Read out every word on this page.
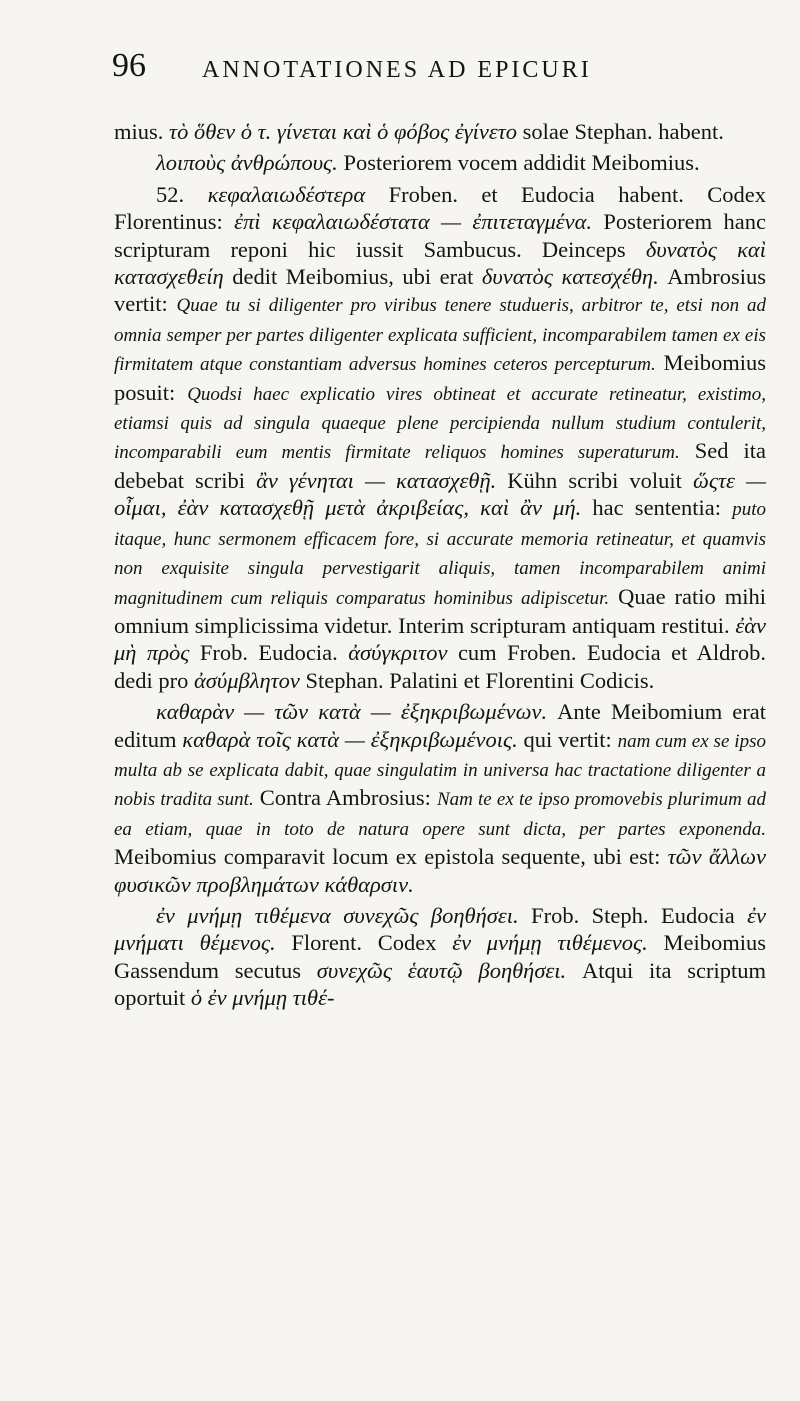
96 ANNOTATIONES AD EPICURI

mius. τὸ ὅθεν ὁ τ. γίνεται καὶ ὁ φόβος ἐγίνετο solae Stephan. habent.

λοιποὺς ἀνθρώπους. Posteriorem vocem addidit Meibomius.

52. κεφαλαιωδέστερα Froben. et Eudocia habent. Codex Florentinus: ἐπὶ κεφαλαιωδέστατα — ἐπιτεταγμένα. Posteriorem hanc scripturam reponi hic iussit Sambucus. Deinceps δυνατὸς καὶ κατασχεθείη dedit Meibomius, ubi erat δυνατὸς κατεσχέθη. Ambrosius vertit: Quae tu si diligenter pro viribus tenere studueris, arbitror te, etsi non ad omnia semper per partes diligenter explicata sufficient, incomparabilem tamen ex eis firmitatem atque constantiam adversus homines ceteros percepturum. Meibomius posuit: Quodsi haec explicatio vires obtineat et accurate retineatur, existimo, etiamsi quis ad singula quaeque plene percipienda nullum studium contulerit, incomparabili eum mentis firmitate reliquos homines superaturum. Sed ita debebat scribi ἂν γένηται — κατασχεθῇ. Kühn scribi voluit ὥςτε — οἶμαι, ἐὰν κατασχεθῇ μετὰ ἀκριβείας, καὶ ἂν μή. hac sententia: puto itaque, hunc sermonem efficacem fore, si accurate memoria retineatur, et quamvis non exquisite singula pervestigarit aliquis, tamen incomparabilem animi magnitudinem cum reliquis comparatus hominibus adipiscetur. Quae ratio mihi omnium simplicissima videtur. Interim scripturam antiquam restitui. ἐὰν μὴ πρὸς Frob. Eudocia. ἀσύγκριτον cum Froben. Eudocia et Aldrob. dedi pro ἀσύμβλητον Stephan. Palatini et Florentini Codicis.

καθαρὰν — τῶν κατὰ — ἐξηκριβωμένων. Ante Meibomium erat editum καθαρὰ τοῖς κατὰ — ἐξηκριβωμένοις. qui vertit: nam cum ex se ipso multa ab se explicata dabit, quae singulatim in universa hac tractatione diligenter a nobis tradita sunt. Contra Ambrosius: Nam te ex te ipso promovebis plurimum ad ea etiam, quae in toto de natura opere sunt dicta, per partes exponenda. Meibomius comparavit locum ex epistola sequente, ubi est: τῶν ἄλλων φυσικῶν προβλημάτων κάθαρσιν.

ἐν μνήμῃ τιθέμενα συνεχῶς βοηθήσει. Frob. Steph. Eudocia ἐν μνήματι θέμενος. Florent. Codex ἐν μνήμῃ τιθέμενος. Meibomius Gassendum secutus συνεχῶς ἑαυτῷ βοηθήσει. Atqui ita scriptum oportuit ὁ ἐν μνήμῃ τιθέ-
